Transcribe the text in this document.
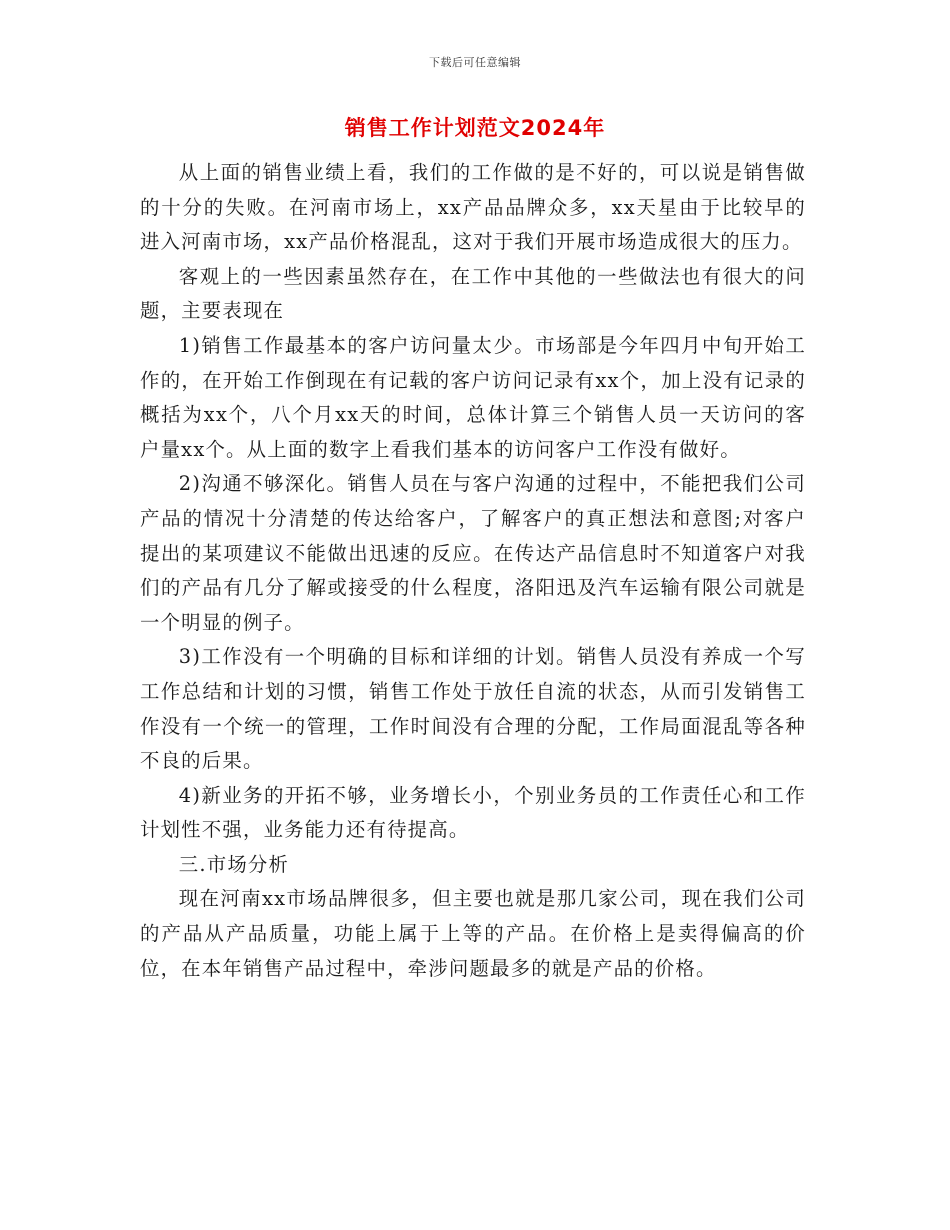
下载后可任意编辑
销售工作计划范文2024年

从上面的销售业绩上看，我们的工作做的是不好的，可以说是销售做的十分的失败。在河南市场上，xx产品品牌众多，xx天星由于比较早的进入河南市场，xx产品价格混乱，这对于我们开展市场造成很大的压力。

客观上的一些因素虽然存在，在工作中其他的一些做法也有很大的问题，主要表现在

1)销售工作最基本的客户访问量太少。市场部是今年四月中旬开始工作的，在开始工作倒现在有记载的客户访问记录有xx个，加上没有记录的概括为xx个，八个月xx天的时间，总体计算三个销售人员一天访问的客户量xx个。从上面的数字上看我们基本的访问客户工作没有做好。

2)沟通不够深化。销售人员在与客户沟通的过程中，不能把我们公司产品的情况十分清楚的传达给客户，了解客户的真正想法和意图;对客户提出的某项建议不能做出迅速的反应。在传达产品信息时不知道客户对我们的产品有几分了解或接受的什么程度，洛阳迅及汽车运输有限公司就是一个明显的例子。

3)工作没有一个明确的目标和详细的计划。销售人员没有养成一个写工作总结和计划的习惯，销售工作处于放任自流的状态，从而引发销售工作没有一个统一的管理，工作时间没有合理的分配，工作局面混乱等各种不良的后果。

4)新业务的开拓不够，业务增长小，个别业务员的工作责任心和工作计划性不强，业务能力还有待提高。

三.市场分析

现在河南xx市场品牌很多，但主要也就是那几家公司，现在我们公司的产品从产品质量，功能上属于上等的产品。在价格上是卖得偏高的价位，在本年销售产品过程中，牵涉问题最多的就是产品的价格。
